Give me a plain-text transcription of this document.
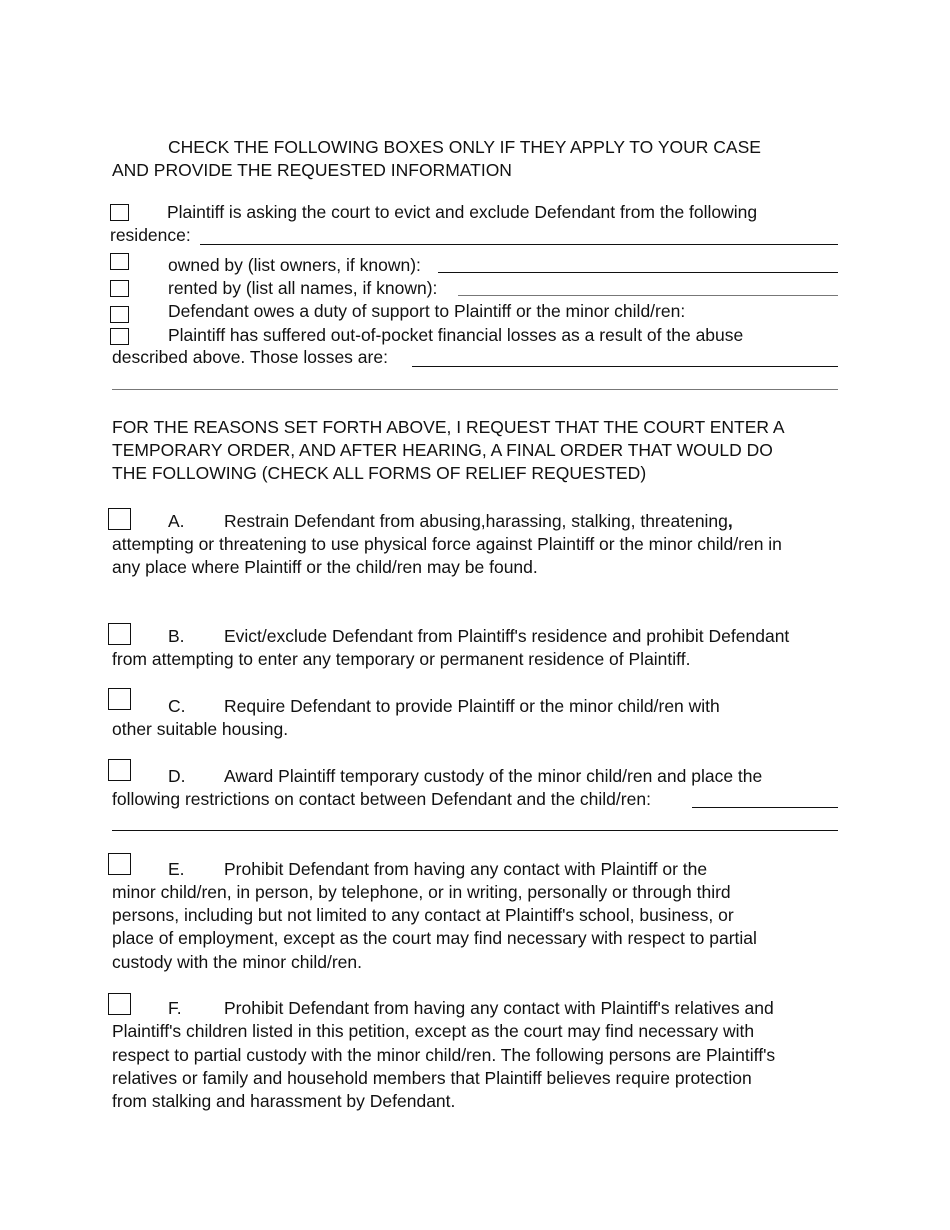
CHECK THE FOLLOWING BOXES ONLY IF THEY APPLY TO YOUR CASE
AND PROVIDE THE REQUESTED INFORMATION
Plaintiff is asking the court to evict and exclude Defendant from the following
residence:
owned by (list owners, if known):
rented by (list all names, if known):
Defendant owes a duty of support to Plaintiff or the minor child/ren:
Plaintiff has suffered out-of-pocket financial losses as a result of the abuse
described above. Those losses are:
FOR THE REASONS SET FORTH ABOVE, I REQUEST THAT THE COURT ENTER A
TEMPORARY ORDER, AND AFTER HEARING, A FINAL ORDER THAT WOULD DO
THE FOLLOWING (CHECK ALL FORMS OF RELIEF REQUESTED)
A. Restrain Defendant from abusing,harassing, stalking, threatening,
attempting or threatening to use physical force against Plaintiff or the minor child/ren in
any place where Plaintiff or the child/ren may be found.
B. Evict/exclude Defendant from Plaintiff's residence and prohibit Defendant
from attempting to enter any temporary or permanent residence of Plaintiff.
C. Require Defendant to provide Plaintiff or the minor child/ren with
other suitable housing.
D. Award Plaintiff temporary custody of the minor child/ren and place the
following restrictions on contact between Defendant and the child/ren:
E. Prohibit Defendant from having any contact with Plaintiff or the
minor child/ren, in person, by telephone, or in writing, personally or through third
persons, including but not limited to any contact at Plaintiff's school, business, or
place of employment, except as the court may find necessary with respect to partial
custody with the minor child/ren.
F. Prohibit Defendant from having any contact with Plaintiff's relatives and
Plaintiff's children listed in this petition, except as the court may find necessary with
respect to partial custody with the minor child/ren. The following persons are Plaintiff's
relatives or family and household members that Plaintiff believes require protection
from stalking and harassment by Defendant.
